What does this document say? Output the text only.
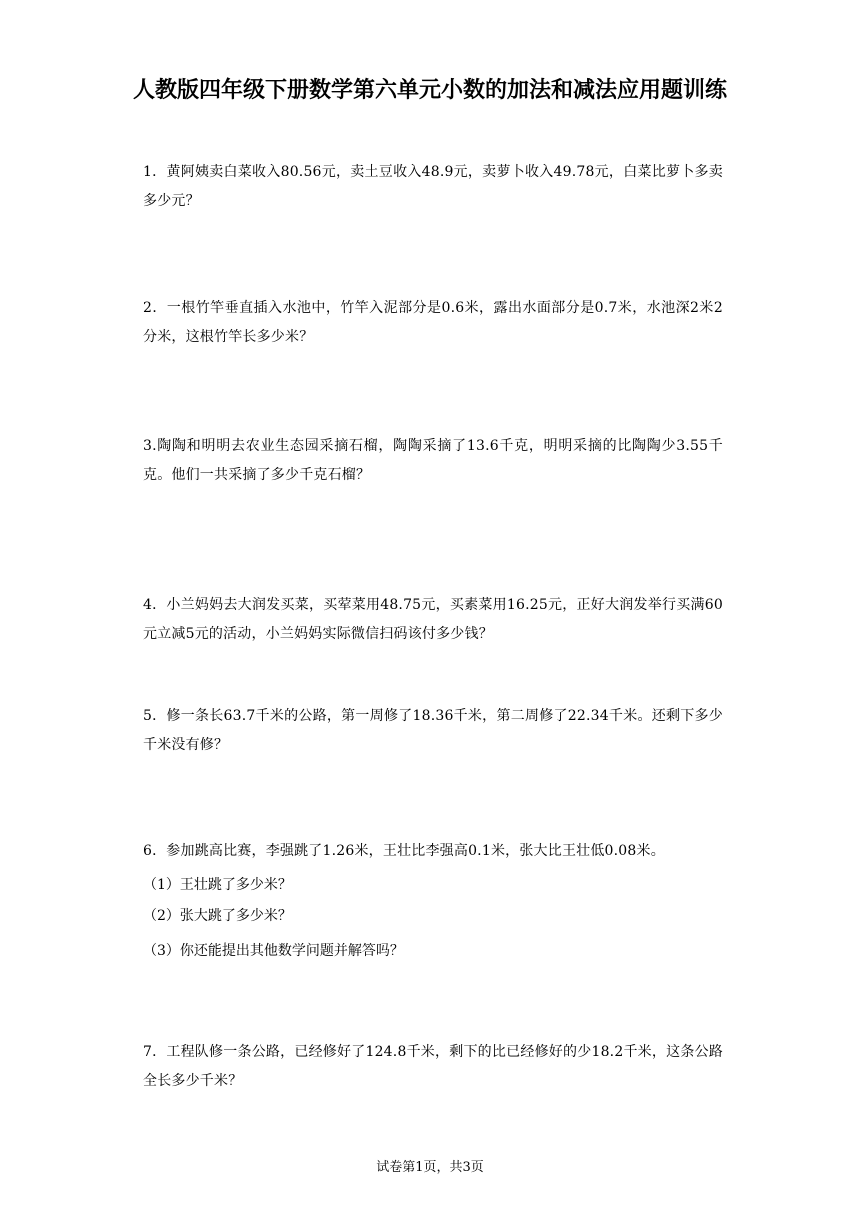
人教版四年级下册数学第六单元小数的加法和减法应用题训练
1．黄阿姨卖白菜收入80.56元，卖土豆收入48.9元，卖萝卜收入49.78元，白菜比萝卜多卖多少元？
2．一根竹竿垂直插入水池中，竹竿入泥部分是0.6米，露出水面部分是0.7米，水池深2米2分米，这根竹竿长多少米？
3.陶陶和明明去农业生态园采摘石榴，陶陶采摘了13.6千克，明明采摘的比陶陶少3.55千克。他们一共采摘了多少千克石榴？
4．小兰妈妈去大润发买菜，买荤菜用48.75元，买素菜用16.25元，正好大润发举行买满60元立减5元的活动，小兰妈妈实际微信扫码该付多少钱？
5．修一条长63.7千米的公路，第一周修了18.36千米，第二周修了22.34千米。还剩下多少千米没有修？
6．参加跳高比赛，李强跳了1.26米，王壮比李强高0.1米，张大比王壮低0.08米。
（1）王壮跳了多少米？
（2）张大跳了多少米？
（3）你还能提出其他数学问题并解答吗？
7．工程队修一条公路，已经修好了124.8千米，剩下的比已经修好的少18.2千米，这条公路全长多少千米？
试卷第1页，共3页
